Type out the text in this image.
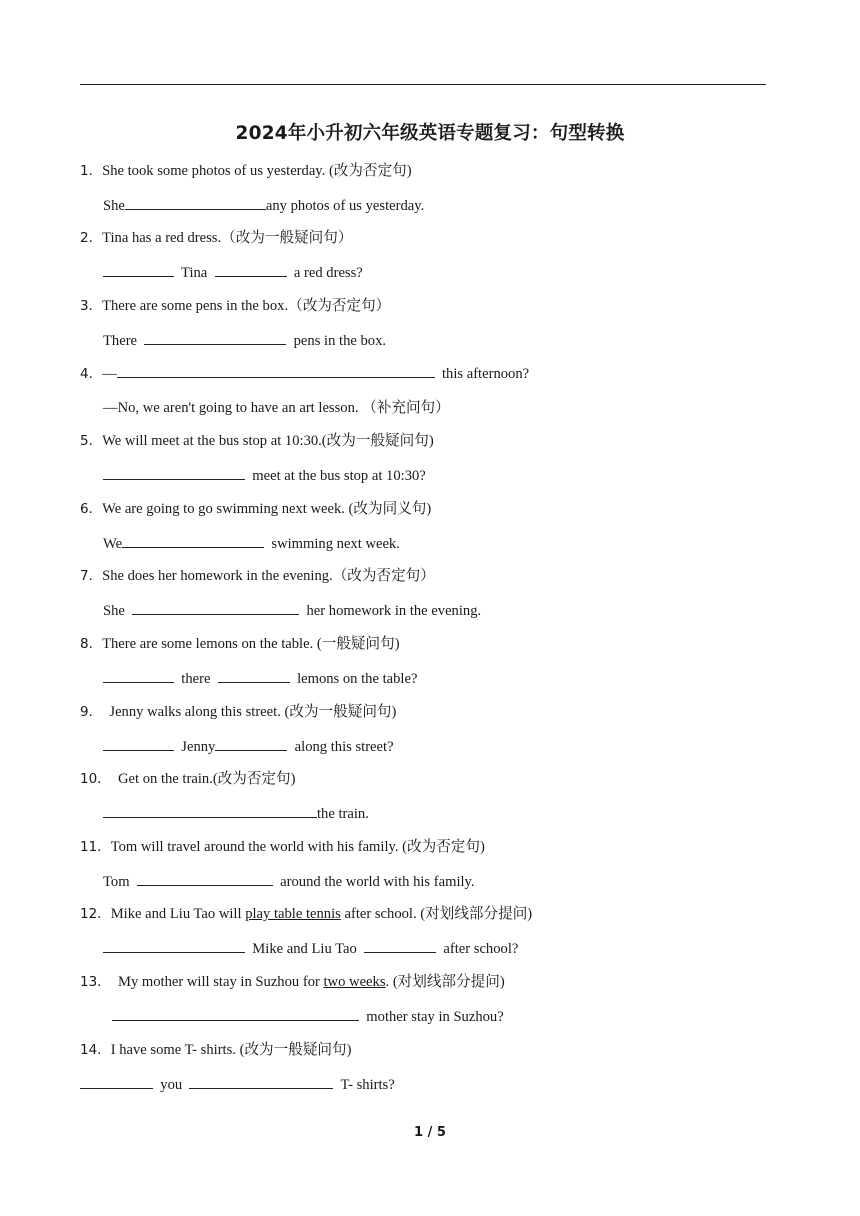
2024年小升初六年级英语专题复习：句型转换
1．She took some photos of us yesterday. (改为否定句)
She	any photos of us yesterday.
2．Tina has a red dress.（改为一般疑问句）
Tina	a red dress?
3．There are some pens in the box.（改为否定句）
There	pens in the box.
4．—	this afternoon?
—No, we aren't going to have an art lesson. （补充问句）
5．We will meet at the bus stop at 10:30.(改为一般疑问句)
meet at the bus stop at 10:30?
6．We are going to go swimming next week. (改为同义句)
We	swimming next week.
7．She does her homework in the evening.（改为否定句）
She	her homework in the evening.
8．There are some lemons on the table. (一般疑问句)
there	lemons on the table?
9． Jenny walks along this street. (改为一般疑问句)
Jenny	along this street?
10． Get on the train.(改为否定句)
the train.
11．Tom will travel around the world with his family. (改为否定句)
Tom	around the world with his family.
12．Mike and Liu Tao will play table tennis after school. (对划线部分提问)
Mike and Liu Tao	after school?
13． My mother will stay in Suzhou for two weeks. (对划线部分提问)
mother stay in Suzhou?
14．I have some T- shirts. (改为一般疑问句)
you	T- shirts?
1 / 5
